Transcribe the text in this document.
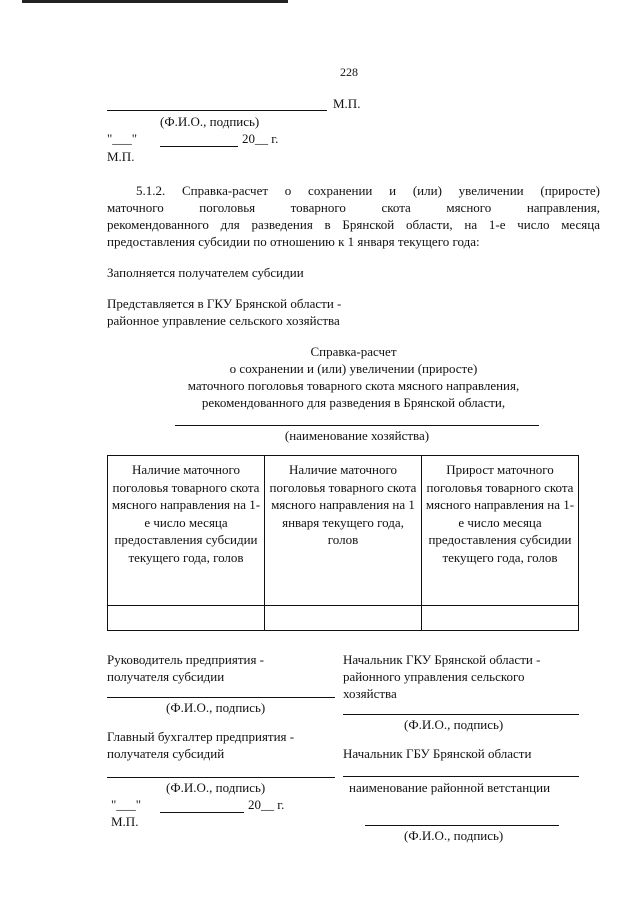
228
М.П.
(Ф.И.О., подпись)
"___"	20__ г.
М.П.
5.1.2. Справка-расчет о сохранении и (или) увеличении (приросте)
маточного поголовья товарного скота мясного направления,
рекомендованного для разведения в Брянской области, на 1-е число месяца
предоставления субсидии по отношению к 1 января текущего года:
Заполняется получателем субсидии
Представляется в ГКУ Брянской области -
районное управление сельского хозяйства
Справка-расчет
о сохранении и (или) увеличении (приросте)
маточного поголовья товарного скота мясного направления,
рекомендованного для разведения в Брянской области,
(наименование хозяйства)
Наличие маточного поголовья товарного скота мясного направления на 1-е число месяца предоставления субсидии текущего года, голов	Наличие маточного поголовья товарного скота мясного направления на 1 января текущего года, голов	Прирост маточного поголовья товарного скота мясного направления на 1-е число месяца предоставления субсидии текущего года, голов

Руководитель предприятия -
получателя субсидии
(Ф.И.О., подпись)
Главный бухгалтер предприятия -
получателя субсидий
(Ф.И.О., подпись)
"___"	20__ г.
М.П.
Начальник ГКУ Брянской области -
районного управления сельского
хозяйства
(Ф.И.О., подпись)
Начальник ГБУ Брянской области
наименование районной ветстанции
(Ф.И.О., подпись)
